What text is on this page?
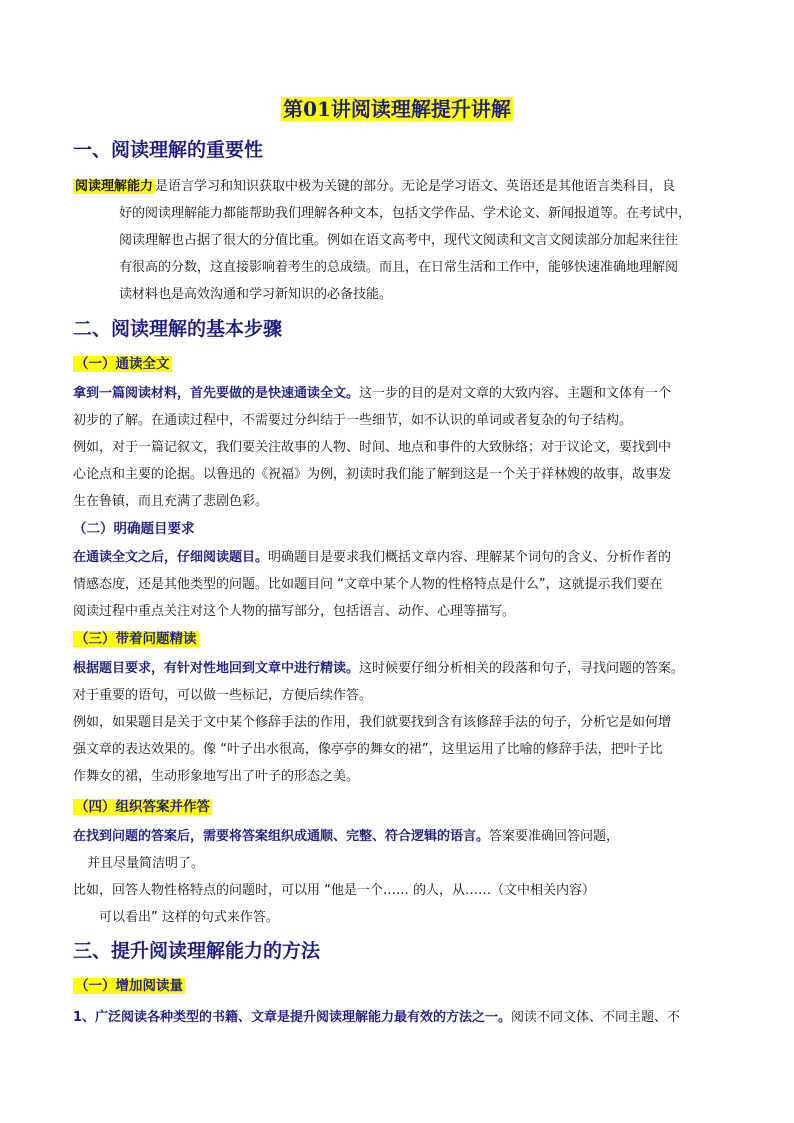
第01讲阅读理解提升讲解
一、阅读理解的重要性
阅读理解能力 是语言学习和知识获取中极为关键的部分。无论是学习语文、英语还是其他语言类科目，良
好的阅读理解能力都能帮助我们理解各种文本，包括文学作品、学术论文、新闻报道等。在考试中，
阅读理解也占据了很大的分值比重。例如在语文高考中，现代文阅读和文言文阅读部分加起来往往
有很高的分数，这直接影响着考生的总成绩。而且，在日常生活和工作中，能够快速准确地理解阅
读材料也是高效沟通和学习新知识的必备技能。
二、阅读理解的基本步骤
（一）通读全文
拿到一篇阅读材料，首先要做的是快速通读全文。这一步的目的是对文章的大致内容、主题和文体有一个
初步的了解。在通读过程中，不需要过分纠结于一些细节，如不认识的单词或者复杂的句子结构。
例如，对于一篇记叙文，我们要关注故事的人物、时间、地点和事件的大致脉络；对于议论文，要找到中
心论点和主要的论据。以鲁迅的《祝福》为例，初读时我们能了解到这是一个关于祥林嫂的故事，故事发
生在鲁镇，而且充满了悲剧色彩。
（二）明确题目要求
在通读全文之后，仔细阅读题目。明确题目是要求我们概括文章内容、理解某个词句的含义、分析作者的
情感态度，还是其他类型的问题。比如题目问 “文章中某个人物的性格特点是什么”，这就提示我们要在
阅读过程中重点关注对这个人物的描写部分，包括语言、动作、心理等描写。
（三）带着问题精读
根据题目要求，有针对性地回到文章中进行精读。这时候要仔细分析相关的段落和句子，寻找问题的答案。
对于重要的语句，可以做一些标记，方便后续作答。
例如，如果题目是关于文中某个修辞手法的作用，我们就要找到含有该修辞手法的句子，分析它是如何增
强文章的表达效果的。像 “叶子出水很高，像亭亭的舞女的裙”，这里运用了比喻的修辞手法，把叶子比
作舞女的裙，生动形象地写出了叶子的形态之美。
（四）组织答案并作答
在找到问题的答案后，需要将答案组织成通顺、完整、符合逻辑的语言。答案要准确回答问题，
并且尽量简洁明了。
比如，回答人物性格特点的问题时，可以用 “他是一个…… 的人，从……（文中相关内容）
可以看出” 这样的句式来作答。
三、提升阅读理解能力的方法
（一）增加阅读量
1、广泛阅读各种类型的书籍、文章是提升阅读理解能力最有效的方法之一。阅读不同文体、不同主题、不
